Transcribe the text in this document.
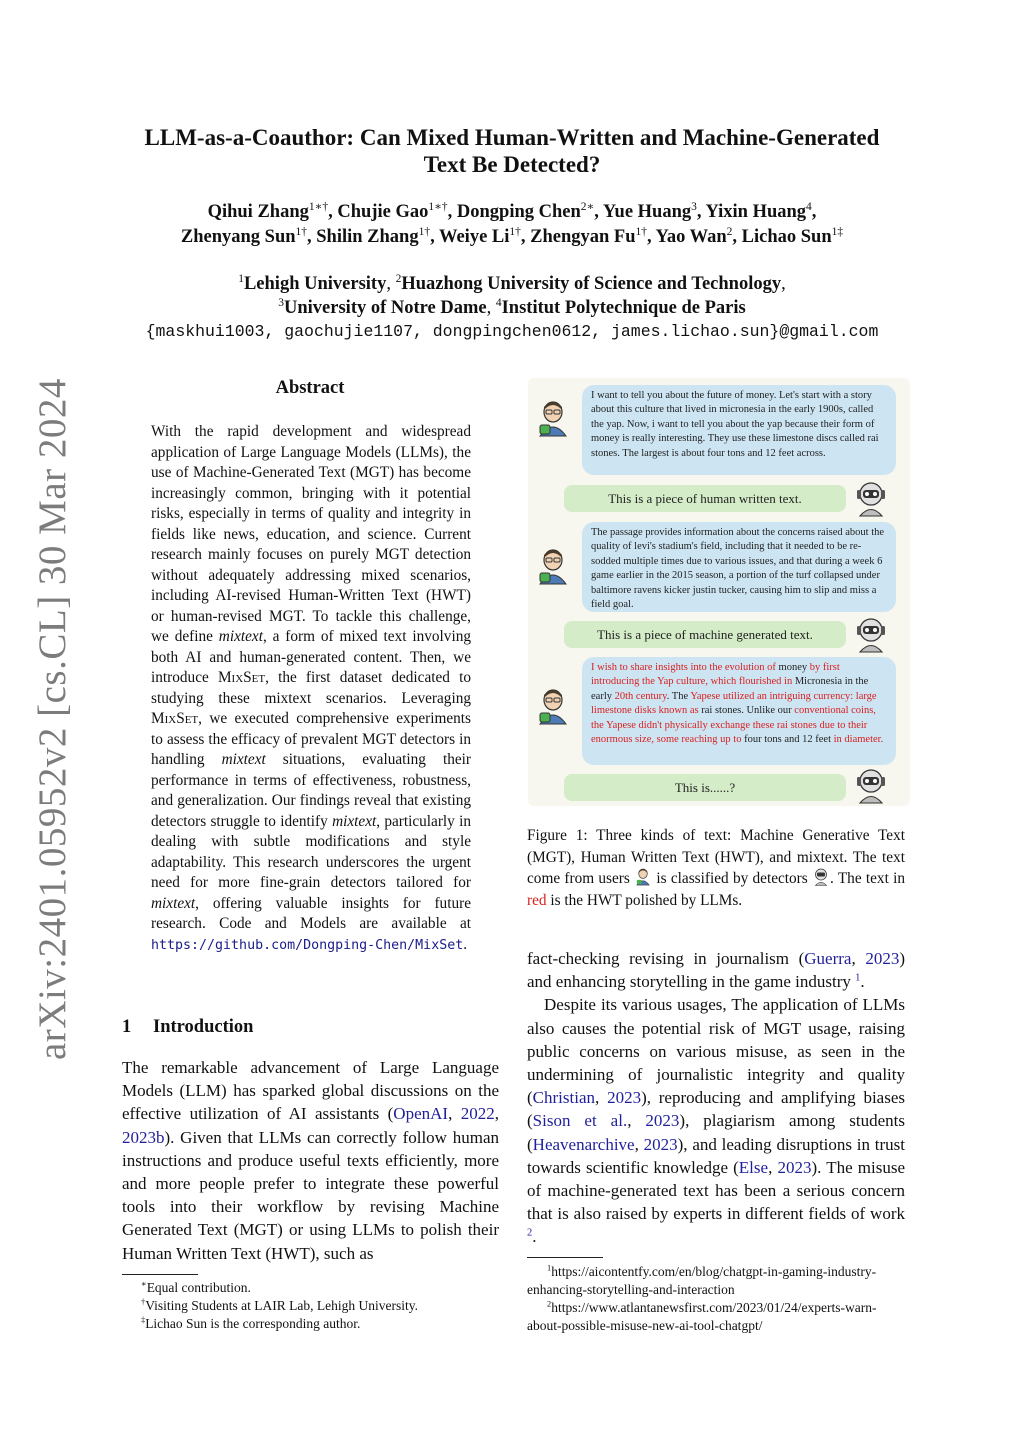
arXiv:2401.05952v2 [cs.CL] 30 Mar 2024
LLM-as-a-Coauthor: Can Mixed Human-Written and Machine-Generated
Text Be Detected?
Qihui Zhang$^{1∗\dagger}$, Chujie Gao$^{1∗\dagger}$, Dongping Chen$^{2∗}$, Yue Huang$^3$, Yixin Huang$^4$,
Zhenyang Sun$^{1\dagger}$, Shilin Zhang$^{1\dagger}$, Weiye $Li^{1\dagger}$, Zhengyan $Fu^{1\dagger}$, Yao Wan$^2$, Lichao Sun$^{1\ddagger}$
$^1$Lehigh University, $^2$Huazhong University of Science and Technology,
$^3$University of Notre Dame, $^4$Institut Polytechnique de Paris
{maskhui1003, gaochujie1107, dongpingchen0612, james.lichao.sun}@gmail.com
Abstract
With the rapid development and widespread application of Large Language Models (LLMs), the use of Machine-Generated Text (MGT) has become increasingly common, bringing with it potential risks, especially in terms of quality and integrity in fields like news, education, and science. Current research mainly focuses on purely MGT detection without adequately addressing mixed scenarios, including AI-revised Human-Written Text (HWT) or human-revised MGT. To tackle this challenge, we define mixtext, a form of mixed text involving both AI and human-generated content. Then, we introduce MixSet, the first dataset dedicated to studying these mixtext scenarios. Leveraging MixSet, we executed comprehensive experiments to assess the efficacy of prevalent MGT detectors in handling mixtext situations, evaluating their performance in terms of effectiveness, robustness, and generalization. Our findings reveal that existing detectors struggle to identify mixtext, particularly in dealing with subtle modifications and style adaptability. This research underscores the urgent need for more fine-grain detectors tailored for mixtext, offering valuable insights for future research. Code and Models are available at https://github.com/Dongping-Chen/MixSet.
1 Introduction
The remarkable advancement of Large Language Models (LLM) has sparked global discussions on the effective utilization of AI assistants (OpenAI, 2022, 2023b). Given that LLMs can correctly follow human instructions and produce useful texts efficiently, more and more people prefer to integrate these powerful tools into their workflow by revising Machine Generated Text (MGT) or using LLMs to polish their Human Written Text (HWT), such as
∗Equal contribution.
†Visiting Students at LAIR Lab, Lehigh University.
‡Lichao Sun is the corresponding author.
I want to tell you about the future of money. Let's start with a story about this culture that lived in micronesia in the early 1900s, called the yap. Now, i want to tell you about the yap because their form of money is really interesting. They use these limestone discs called rai stones. The largest is about four tons and 12 feet across.
This is a piece of human written text.
The passage provides information about the concerns raised about the quality of levi's stadium's field, including that it needed to be re-sodded multiple times due to various issues, and that during a week 6 game earlier in the 2015 season, a portion of the turf collapsed under baltimore ravens kicker justin tucker, causing him to slip and miss a field goal.
This is a piece of machine generated text.
I wish to share insights into the evolution of money by first introducing the Yap culture, which flourished in Micronesia in the early 20th century. The Yapese utilized an intriguing currency: large limestone disks known as rai stones. Unlike our conventional coins, the Yapese didn't physically exchange these rai stones due to their enormous size, some reaching up to four tons and 12 feet in diameter.
This is......?
Figure 1: Three kinds of text: Machine Generative Text (MGT), Human Written Text (HWT), and mixtext. The text come from users  is classified by detectors . The text in red is the HWT polished by LLMs.

fact-checking revising in journalism (Guerra, 2023) and enhancing storytelling in the game industry $^1$.

Despite its various usages, The application of LLMs also causes the potential risk of MGT usage, raising public concerns on various misuse, as seen in the undermining of journalistic integrity and quality (Christian, 2023), reproducing and amplifying biases (Sison et al., 2023), plagiarism among students (Heavenarchive, 2023), and leading disruptions in trust towards scientific knowledge (Else, 2023). The misuse of machine-generated text has been a serious concern that is also raised by experts in different fields of work $^2$.

$^1$https://aicontentfy.com/en/blog/chatgpt-in-gaming-industry-enhancing-storytelling-and-interaction
$^2$https://www.atlantanewsfirst.com/2023/01/24/experts-warn-about-possible-misuse-new-ai-tool-chatgpt/
